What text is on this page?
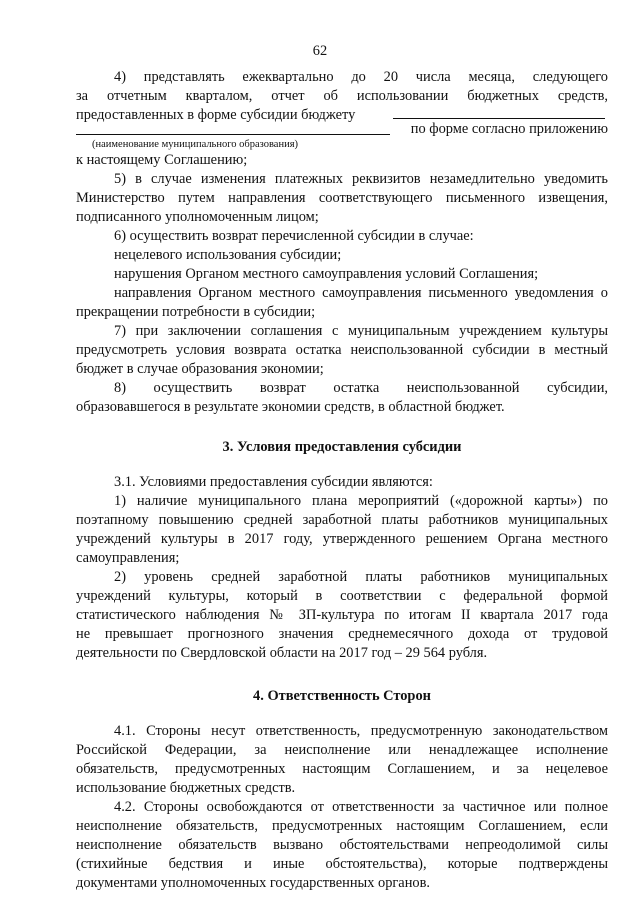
62
4) представлять ежеквартально до 20 числа месяца, следующего
за отчетным кварталом, отчет об использовании бюджетных средств,
предоставленных в форме субсидии бюджету
по форме согласно приложению
(наименование муниципального образования)
к настоящему Соглашению;
5) в случае изменения платежных реквизитов незамедлительно уведомить
Министерство путем направления соответствующего письменного извещения,
подписанного уполномоченным лицом;
6) осуществить возврат перечисленной субсидии в случае:
нецелевого использования субсидии;
нарушения Органом местного самоуправления условий Соглашения;
направления Органом местного самоуправления письменного уведомления о
прекращении потребности в субсидии;
7) при заключении соглашения с муниципальным учреждением культуры
предусмотреть условия возврата остатка неиспользованной субсидии в местный
бюджет в случае образования экономии;
8) осуществить возврат остатка неиспользованной субсидии,
образовавшегося в результате экономии средств, в областной бюджет.
3. Условия предоставления субсидии
3.1. Условиями предоставления субсидии являются:
1) наличие муниципального плана мероприятий («дорожной карты») по
поэтапному повышению средней заработной платы работников муниципальных
учреждений культуры в 2017 году, утвержденного решением Органа местного
самоуправления;
2) уровень средней заработной платы работников муниципальных
учреждений культуры, который в соответствии с федеральной формой
статистического наблюдения № ЗП-культура по итогам II квартала 2017 года
не превышает прогнозного значения среднемесячного дохода от трудовой
деятельности по Свердловской области на 2017 год – 29 564 рубля.
4. Ответственность Сторон
4.1. Стороны несут ответственность, предусмотренную законодательством
Российской Федерации, за неисполнение или ненадлежащее исполнение
обязательств, предусмотренных настоящим Соглашением, и за нецелевое
использование бюджетных средств.
4.2. Стороны освобождаются от ответственности за частичное или полное
неисполнение обязательств, предусмотренных настоящим Соглашением, если
неисполнение обязательств вызвано обстоятельствами непреодолимой силы
(стихийные бедствия и иные обстоятельства), которые подтверждены
документами уполномоченных государственных органов.
